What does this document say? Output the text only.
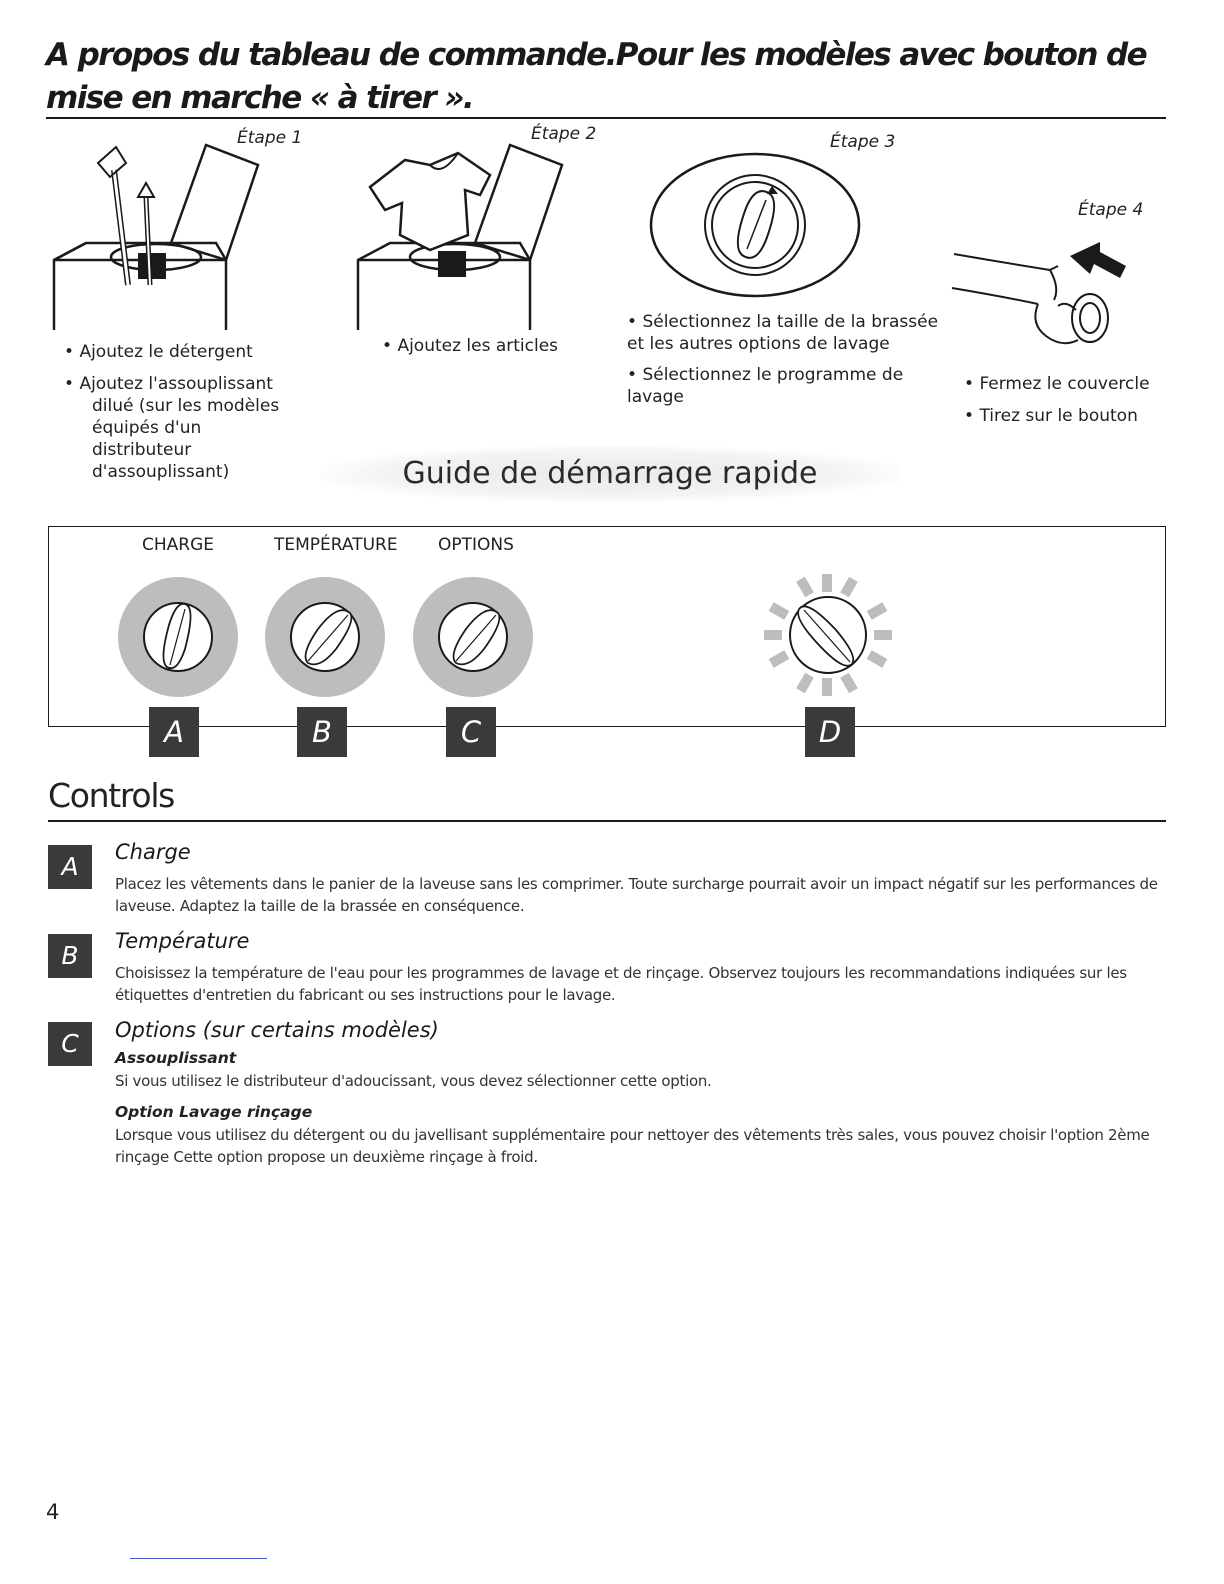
A propos du tableau de commande.Pour les modèles avec bouton de mise en marche « à tirer ».
Étape 1	Étape 2	Étape 3
Étape 4
• Ajoutez le détergent
• Ajoutez l'assouplissant
dilué (sur les modèles
équipés d'un
distributeur
d'assouplissant)
• Ajoutez les articles
• Sélectionnez la taille de la brassée
et les autres options de lavage
• Sélectionnez le programme de
lavage
• Fermez le couvercle
• Tirez sur le bouton
Guide de démarrage rapide
CHARGE	TEMPÉRATURE OPTIONS
A	B	C	D
Controls
A	Charge
Placez les vêtements dans le panier de la laveuse sans les comprimer. Toute surcharge pourrait avoir un impact négatif sur les performances de laveuse. Adaptez la taille de la brassée en conséquence.
B	Température
Choisissez la température de l'eau pour les programmes de lavage et de rinçage. Observez toujours les recommandations indiquées sur les étiquettes d'entretien du fabricant ou ses instructions pour le lavage.
C	Options (sur certains modèles)
Assouplissant
Si vous utilisez le distributeur d'adoucissant, vous devez sélectionner cette option.
Option Lavage rinçage
Lorsque vous utilisez du détergent ou du javellisant supplémentaire pour nettoyer des vêtements très sales, vous pouvez choisir l'option 2ème rinçage Cette option propose un deuxième rinçage à froid.
4
